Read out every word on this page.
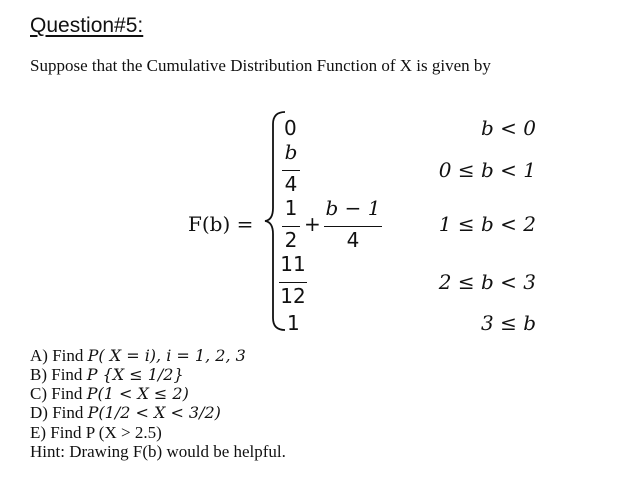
Question#5:
Suppose that the Cumulative Distribution Function of X is given by
F(b) =
0	b < 0
b
4
0 ≤ b < 1
1
2
+
b − 1
4
1 ≤ b < 2
11
12
2 ≤ b < 3
1	3 ≤ b
A) Find P( X = i), i = 1, 2, 3
B) Find P {X ≤ 1/2}
C) Find P(1 < X ≤ 2)
D) Find P(1/2 < X < 3/2)
E) Find P (X > 2.5)
Hint: Drawing F(b) would be helpful.
